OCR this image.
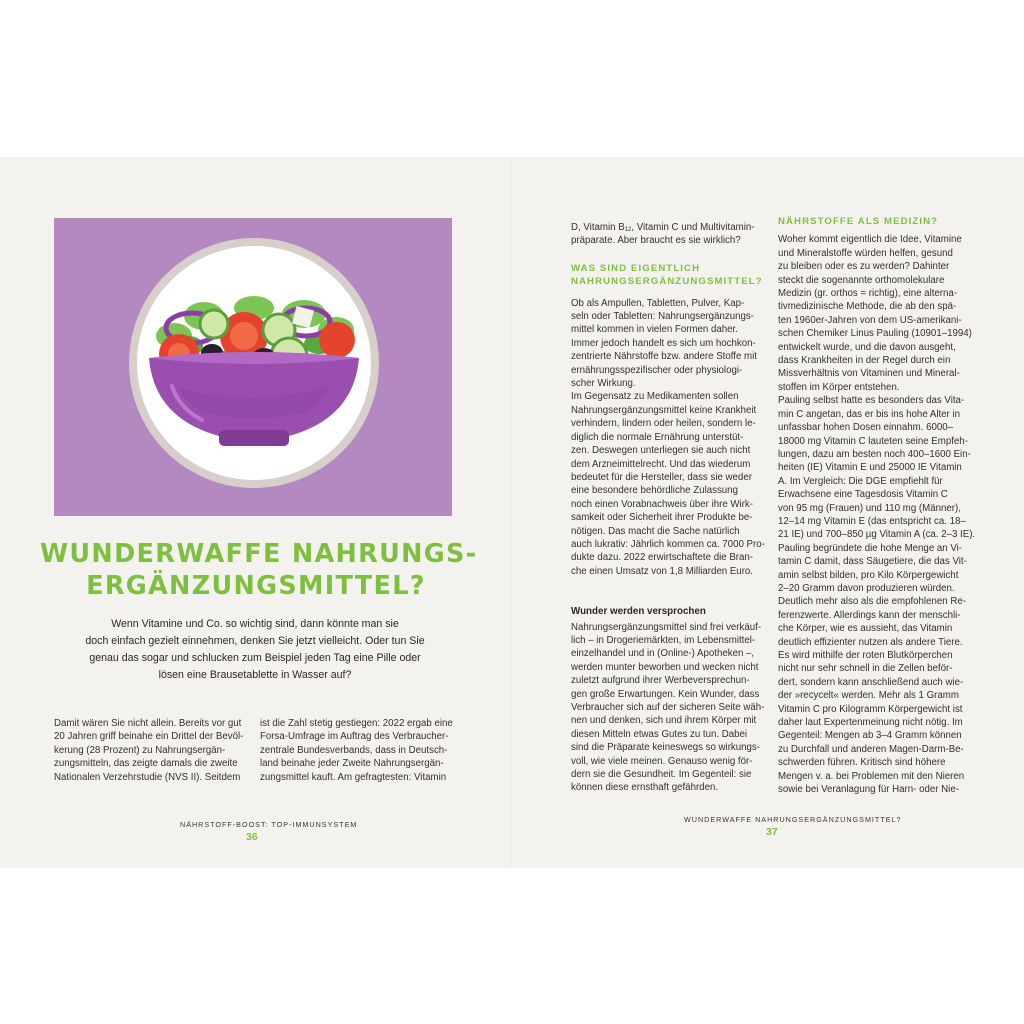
WUNDERWAFFE NAHRUNGS-
ERGÄNZUNGSMITTEL?

Wenn Vitamine und Co. so wichtig sind, dann könnte man sie
doch einfach gezielt einnehmen, denken Sie jetzt vielleicht. Oder tun Sie
genau das sogar und schlucken zum Beispiel jeden Tag eine Pille oder
lösen eine Brausetablette in Wasser auf?

Damit wären Sie nicht allein. Bereits vor gut
20 Jahren griff beinahe ein Drittel der Bevöl-
kerung (28 Prozent) zu Nahrungsergän-
zungsmitteln, das zeigte damals die zweite
Nationalen Verzehrstudie (NVS II). Seitdem

ist die Zahl stetig gestiegen: 2022 ergab eine
Forsa-Umfrage im Auftrag des Verbraucher-
zentrale Bundesverbands, dass in Deutsch-
land beinahe jeder Zweite Nahrungsergän-
zungsmittel kauft. Am gefragtesten: Vitamin

NÄHRSTOFF-BOOST: TOP-IMMUNSYSTEM
36
D, Vitamin $B_{12}$, Vitamin C und Multivitamin-
präparate. Aber braucht es sie wirklich?
WAS SIND EIGENTLICH
NAHRUNGSERGÄNZUNGSMITTEL?
Ob als Ampullen, Tabletten, Pulver, Kap-
seln oder Tabletten: Nahrungsergänzungs-
mittel kommen in vielen Formen daher.
Immer jedoch handelt es sich um hochkon-
zentrierte Nährstoffe bzw. andere Stoffe mit
ernährungsspezifischer oder physiologi-
scher Wirkung.
Im Gegensatz zu Medikamenten sollen
Nahrungsergänzungsmittel keine Krankheit
verhindern, lindern oder heilen, sondern le-
diglich die normale Ernährung unterstüt-
zen. Deswegen unterliegen sie auch nicht
dem Arzneimittelrecht. Und das wiederum
bedeutet für die Hersteller, dass sie weder
eine besondere behördliche Zulassung
noch einen Vorabnachweis über ihre Wirk-
samkeit oder Sicherheit ihrer Produkte be-
nötigen. Das macht die Sache natürlich
auch lukrativ: Jährlich kommen ca. 7000 Pro-
dukte dazu. 2022 erwirtschaftete die Bran-
che einen Umsatz von 1,8 Milliarden Euro.
Wunder werden versprochen
Nahrungsergänzungsmittel sind frei verkäuf-
lich – in Drogeriemärkten, im Lebensmittel-
einzelhandel und in (Online-) Apotheken –,
werden munter beworben und wecken nicht
zuletzt aufgrund ihrer Werbeversprechun-
gen große Erwartungen. Kein Wunder, dass
Verbraucher sich auf der sicheren Seite wäh-
nen und denken, sich und ihrem Körper mit
diesen Mitteln etwas Gutes zu tun. Dabei
sind die Präparate keineswegs so wirkungs-
voll, wie viele meinen. Genauso wenig för-
dern sie die Gesundheit. Im Gegenteil: sie
können diese ernsthaft gefährden.
NÄHRSTOFFE ALS MEDIZIN?
Woher kommt eigentlich die Idee, Vitamine
und Mineralstoffe würden helfen, gesund
zu bleiben oder es zu werden? Dahinter
steckt die sogenannte orthomolekulare
Medizin (gr. orthos = richtig), eine alterna-
tivmedizinische Methode, die ab den spä-
ten 1960er-Jahren von dem US-amerikani-
schen Chemiker Linus Pauling (10901–1994)
entwickelt wurde, und die davon ausgeht,
dass Krankheiten in der Regel durch ein
Missverhältnis von Vitaminen und Mineral-
stoffen im Körper entstehen.
Pauling selbst hatte es besonders das Vita-
min C angetan, das er bis ins hohe Alter in
unfassbar hohen Dosen einnahm. 6000–
18000 mg Vitamin C lauteten seine Empfeh-
lungen, dazu am besten noch 400–1600 Ein-
heiten (IE) Vitamin E und 25000 IE Vitamin
A. Im Vergleich: Die DGE empfiehlt für
Erwachsene eine Tagesdosis Vitamin C
von 95 mg (Frauen) und 110 mg (Männer),
12–14 mg Vitamin E (das entspricht ca. 18–
21 IE) und 700–850 µg Vitamin A (ca. 2–3 IE).
Pauling begründete die hohe Menge an Vi-
tamin C damit, dass Säugetiere, die das Vit-
amin selbst bilden, pro Kilo Körpergewicht
2–20 Gramm davon produzieren würden.
Deutlich mehr also als die empfohlenen Re-
ferenzwerte. Allerdings kann der menschli-
che Körper, wie es aussieht, das Vitamin
deutlich effizienter nutzen als andere Tiere.
Es wird mithilfe der roten Blutkörperchen
nicht nur sehr schnell in die Zellen beför-
dert, sondern kann anschließend auch wie-
der »recycelt« werden. Mehr als 1 Gramm
Vitamin C pro Kilogramm Körpergewicht ist
daher laut Expertenmeinung nicht nötig. Im
Gegenteil: Mengen ab 3–4 Gramm können
zu Durchfall und anderen Magen-Darm-Be-
schwerden führen. Kritisch sind höhere
Mengen v. a. bei Problemen mit den Nieren
sowie bei Veranlagung für Harn- oder Nie-
WUNDERWAFFE NAHRUNGSERGÄNZUNGSMITTEL?
37
